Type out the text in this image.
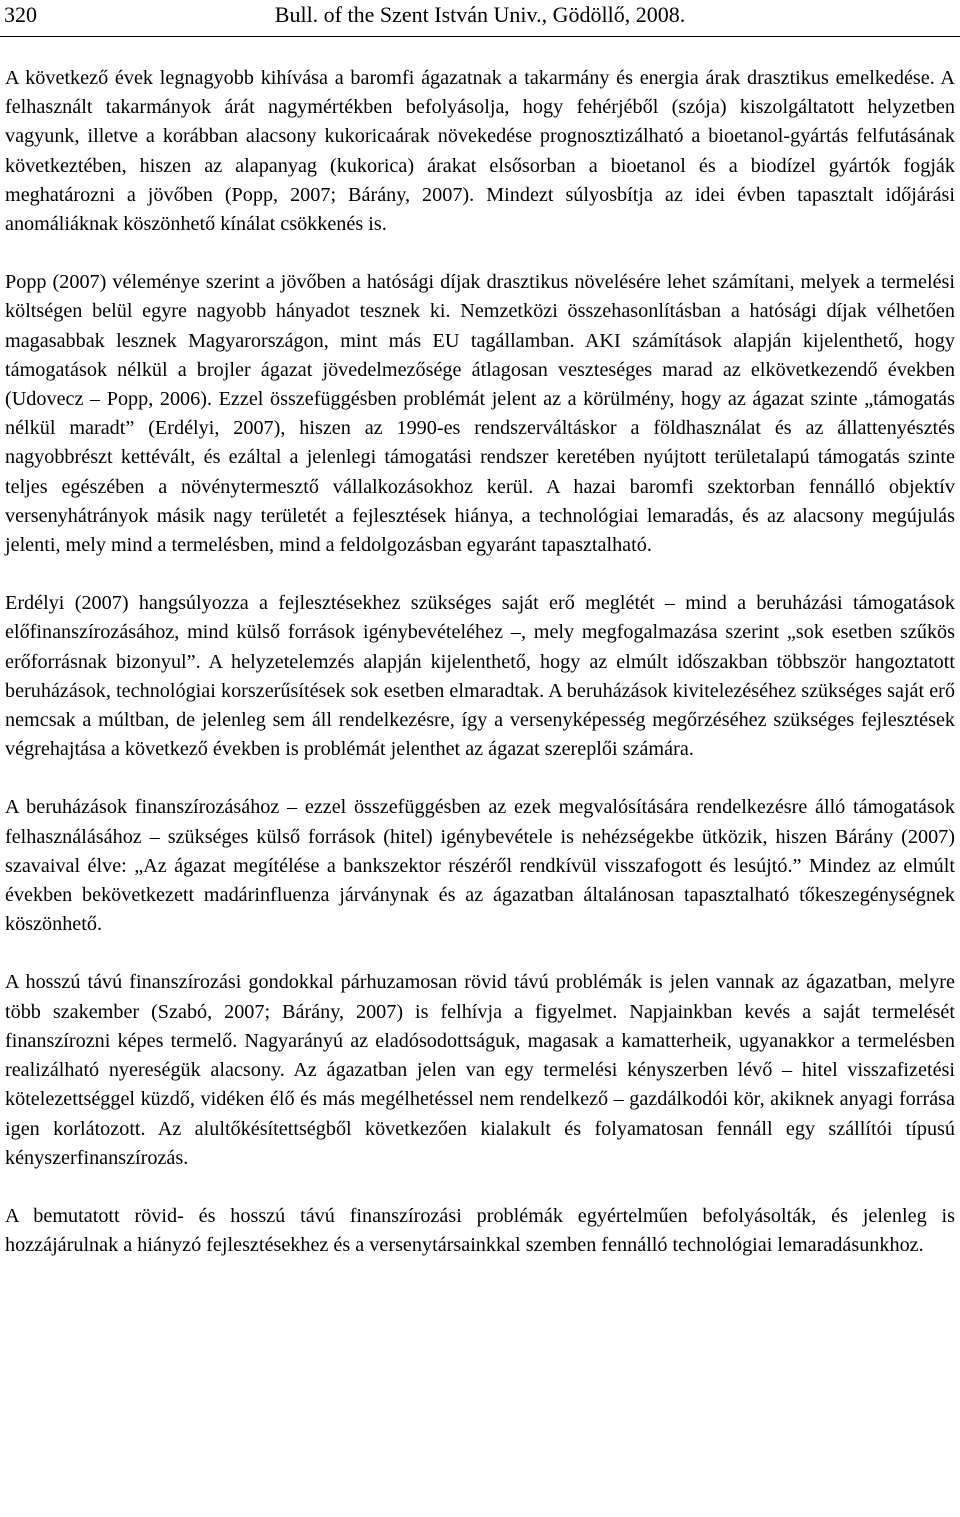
320	Bull. of the Szent István Univ., Gödöllő, 2008.

A következő évek legnagyobb kihívása a baromfi ágazatnak a takarmány és energia árak drasztikus emelkedése. A felhasznált takarmányok árát nagymértékben befolyásolja, hogy fehérjéből (szója) kiszolgáltatott helyzetben vagyunk, illetve a korábban alacsony kukoricaárak növekedése prognosztizálható a bioetanol-gyártás felfutásának következtében, hiszen az alapanyag (kukorica) árakat elsősorban a bioetanol és a biodízel gyártók fogják meghatározni a jövőben (Popp, 2007; Bárány, 2007). Mindezt súlyosbítja az idei évben tapasztalt időjárási anomáliáknak köszönhető kínálat csökkenés is.

Popp (2007) véleménye szerint a jövőben a hatósági díjak drasztikus növelésére lehet számítani, melyek a termelési költségen belül egyre nagyobb hányadot tesznek ki. Nemzetközi összehasonlításban a hatósági díjak vélhetően magasabbak lesznek Magyarországon, mint más EU tagállamban. AKI számítások alapján kijelenthető, hogy támogatások nélkül a brojler ágazat jövedelmezősége átlagosan veszteséges marad az elkövetkezendő években (Udovecz – Popp, 2006). Ezzel összefüggésben problémát jelent az a körülmény, hogy az ágazat szinte „támogatás nélkül maradt” (Erdélyi, 2007), hiszen az 1990-es rendszerváltáskor a földhasználat és az állattenyésztés nagyobbrészt kettévált, és ezáltal a jelenlegi támogatási rendszer keretében nyújtott területalapú támogatás szinte teljes egészében a növénytermesztő vállalkozásokhoz kerül. A hazai baromfi szektorban fennálló objektív versenyhátrányok másik nagy területét a fejlesztések hiánya, a technológiai lemaradás, és az alacsony megújulás jelenti, mely mind a termelésben, mind a feldolgozásban egyaránt tapasztalható.

Erdélyi (2007) hangsúlyozza a fejlesztésekhez szükséges saját erő meglétét – mind a beruházási támogatások előfinanszírozásához, mind külső források igénybevételéhez –, mely megfogalmazása szerint „sok esetben szűkös erőforrásnak bizonyul”. A helyzetelemzés alapján kijelenthető, hogy az elmúlt időszakban többször hangoztatott beruházások, technológiai korszerűsítések sok esetben elmaradtak. A beruházások kivitelezéséhez szükséges saját erő nemcsak a múltban, de jelenleg sem áll rendelkezésre, így a versenyképesség megőrzéséhez szükséges fejlesztések végrehajtása a következő években is problémát jelenthet az ágazat szereplői számára.

A beruházások finanszírozásához – ezzel összefüggésben az ezek megvalósítására rendelkezésre álló támogatások felhasználásához – szükséges külső források (hitel) igénybevétele is nehézségekbe ütközik, hiszen Bárány (2007) szavaival élve: „Az ágazat megítélése a bankszektor részéről rendkívül visszafogott és lesújtó.” Mindez az elmúlt években bekövetkezett madárinfluenza járványnak és az ágazatban általánosan tapasztalható tőkeszegénységnek köszönhető.

A hosszú távú finanszírozási gondokkal párhuzamosan rövid távú problémák is jelen vannak az ágazatban, melyre több szakember (Szabó, 2007; Bárány, 2007) is felhívja a figyelmet. Napjainkban kevés a saját termelését finanszírozni képes termelő. Nagyarányú az eladósodottságuk, magasak a kamatterheik, ugyanakkor a termelésben realizálható nyereségük alacsony. Az ágazatban jelen van egy termelési kényszerben lévő – hitel visszafizetési kötelezettséggel küzdő, vidéken élő és más megélhetéssel nem rendelkező – gazdálkodói kör, akiknek anyagi forrása igen korlátozott. Az alultőkésítettségből következően kialakult és folyamatosan fennáll egy szállítói típusú kényszerfinanszírozás.

A bemutatott rövid- és hosszú távú finanszírozási problémák egyértelműen befolyásolták, és jelenleg is hozzájárulnak a hiányzó fejlesztésekhez és a versenytársainkkal szemben fennálló technológiai lemaradásunkhoz.
